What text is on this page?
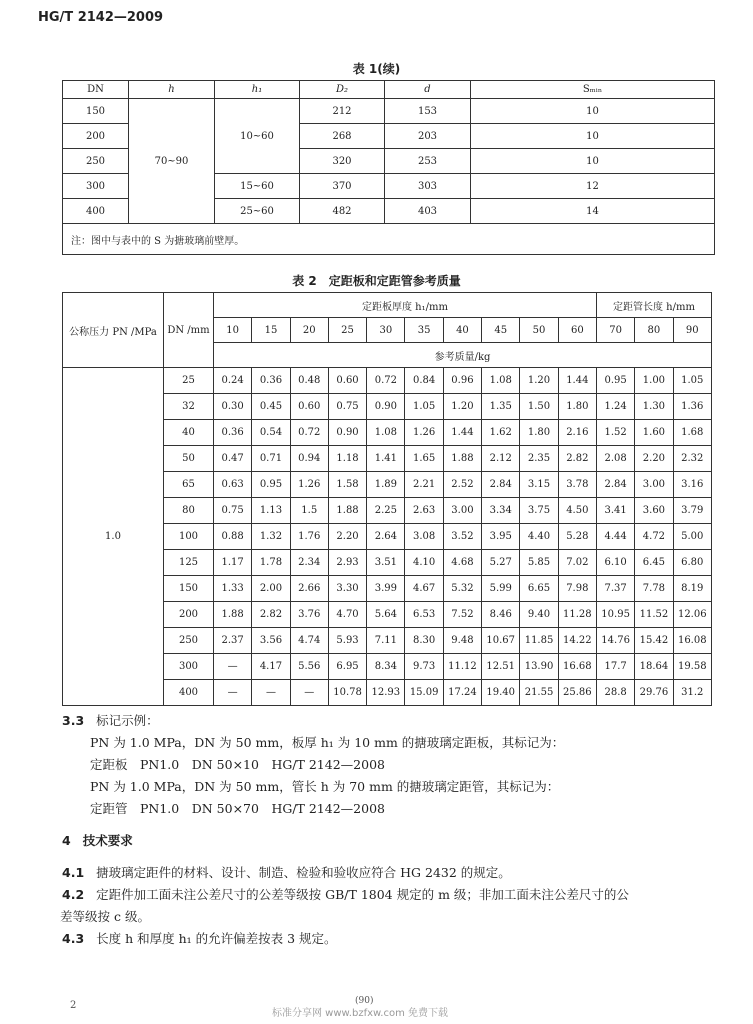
HG/T 2142—2009
表 1(续)
DN	h	h₁	D₂	d	Sₘᵢₙ
150	70~90	10~60	212	153	10
200			268	203	10
250			320	253	10
300		15~60	370	303	12
400		25~60	482	403	14
注：图中与表中的 S 为搪玻璃前壁厚。					
表 2　定距板和定距管参考质量
公称压力 PN /MPa	DN /mm	定距板厚度 h₁/mm										定距管长度 h/mm		
		10	15	20	25	30	35	40	45	50	60	70	80	90
		参考质量/kg												
1.0	25	0.24	0.36	0.48	0.60	0.72	0.84	0.96	1.08	1.20	1.44	0.95	1.00	1.05
	32	0.30	0.45	0.60	0.75	0.90	1.05	1.20	1.35	1.50	1.80	1.24	1.30	1.36
	40	0.36	0.54	0.72	0.90	1.08	1.26	1.44	1.62	1.80	2.16	1.52	1.60	1.68
	50	0.47	0.71	0.94	1.18	1.41	1.65	1.88	2.12	2.35	2.82	2.08	2.20	2.32
	65	0.63	0.95	1.26	1.58	1.89	2.21	2.52	2.84	3.15	3.78	2.84	3.00	3.16
	80	0.75	1.13	1.5	1.88	2.25	2.63	3.00	3.34	3.75	4.50	3.41	3.60	3.79
	100	0.88	1.32	1.76	2.20	2.64	3.08	3.52	3.95	4.40	5.28	4.44	4.72	5.00
	125	1.17	1.78	2.34	2.93	3.51	4.10	4.68	5.27	5.85	7.02	6.10	6.45	6.80
	150	1.33	2.00	2.66	3.30	3.99	4.67	5.32	5.99	6.65	7.98	7.37	7.78	8.19
	200	1.88	2.82	3.76	4.70	5.64	6.53	7.52	8.46	9.40	11.28	10.95	11.52	12.06
	250	2.37	3.56	4.74	5.93	7.11	8.30	9.48	10.67	11.85	14.22	14.76	15.42	16.08
	300	—	4.17	5.56	6.95	8.34	9.73	11.12	12.51	13.90	16.68	17.7	18.64	19.58
	400	—	—	—	10.78	12.93	15.09	17.24	19.40	21.55	25.86	28.8	29.76	31.2
3.3 标记示例：
PN 为 1.0 MPa，DN 为 50 mm，板厚 h₁ 为 10 mm 的搪玻璃定距板，其标记为：
定距板　PN1.0　DN 50×10　HG/T 2142—2008
PN 为 1.0 MPa，DN 为 50 mm，管长 h 为 70 mm 的搪玻璃定距管，其标记为：
定距管　PN1.0　DN 50×70　HG/T 2142—2008
4 技术要求
4.1 搪玻璃定距件的材料、设计、制造、检验和验收应符合 HG 2432 的规定。
4.2 定距件加工面未注公差尺寸的公差等级按 GB/T 1804 规定的 m 级；非加工面未注公差尺寸的公
差等级按 c 级。
4.3 长度 h 和厚度 h₁ 的允许偏差按表 3 规定。
2	(90)
标准分享网 www.bzfxw.com 免费下载
